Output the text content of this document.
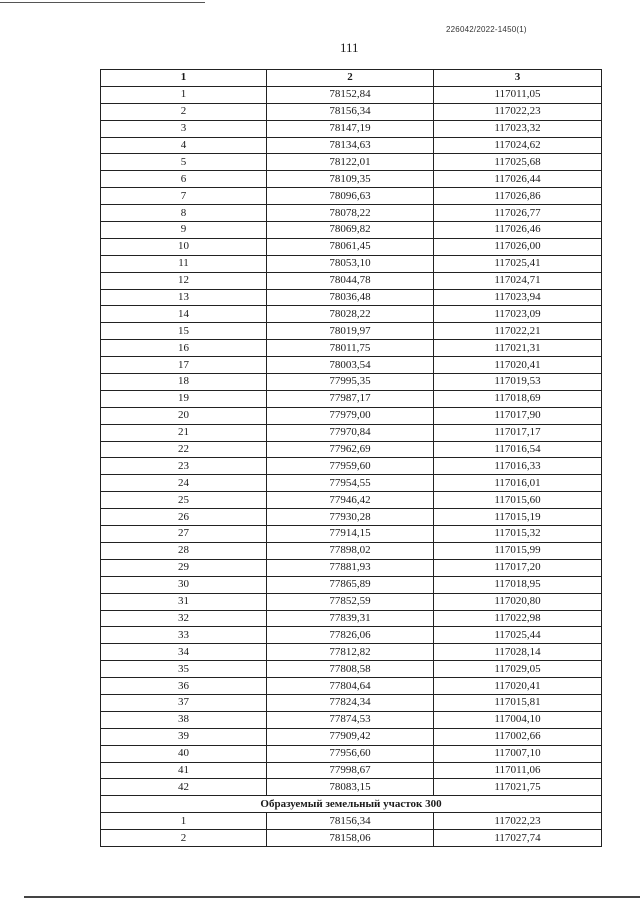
226042/2022-1450(1)
111
1	2	3
1	78152,84	117011,05
2	78156,34	117022,23
3	78147,19	117023,32
4	78134,63	117024,62
5	78122,01	117025,68
6	78109,35	117026,44
7	78096,63	117026,86
8	78078,22	117026,77
9	78069,82	117026,46
10	78061,45	117026,00
11	78053,10	117025,41
12	78044,78	117024,71
13	78036,48	117023,94
14	78028,22	117023,09
15	78019,97	117022,21
16	78011,75	117021,31
17	78003,54	117020,41
18	77995,35	117019,53
19	77987,17	117018,69
20	77979,00	117017,90
21	77970,84	117017,17
22	77962,69	117016,54
23	77959,60	117016,33
24	77954,55	117016,01
25	77946,42	117015,60
26	77930,28	117015,19
27	77914,15	117015,32
28	77898,02	117015,99
29	77881,93	117017,20
30	77865,89	117018,95
31	77852,59	117020,80
32	77839,31	117022,98
33	77826,06	117025,44
34	77812,82	117028,14
35	77808,58	117029,05
36	77804,64	117020,41
37	77824,34	117015,81
38	77874,53	117004,10
39	77909,42	117002,66
40	77956,60	117007,10
41	77998,67	117011,06
42	78083,15	117021,75
Образуемый земельный участок 300		
1	78156,34	117022,23
2	78158,06	117027,74
